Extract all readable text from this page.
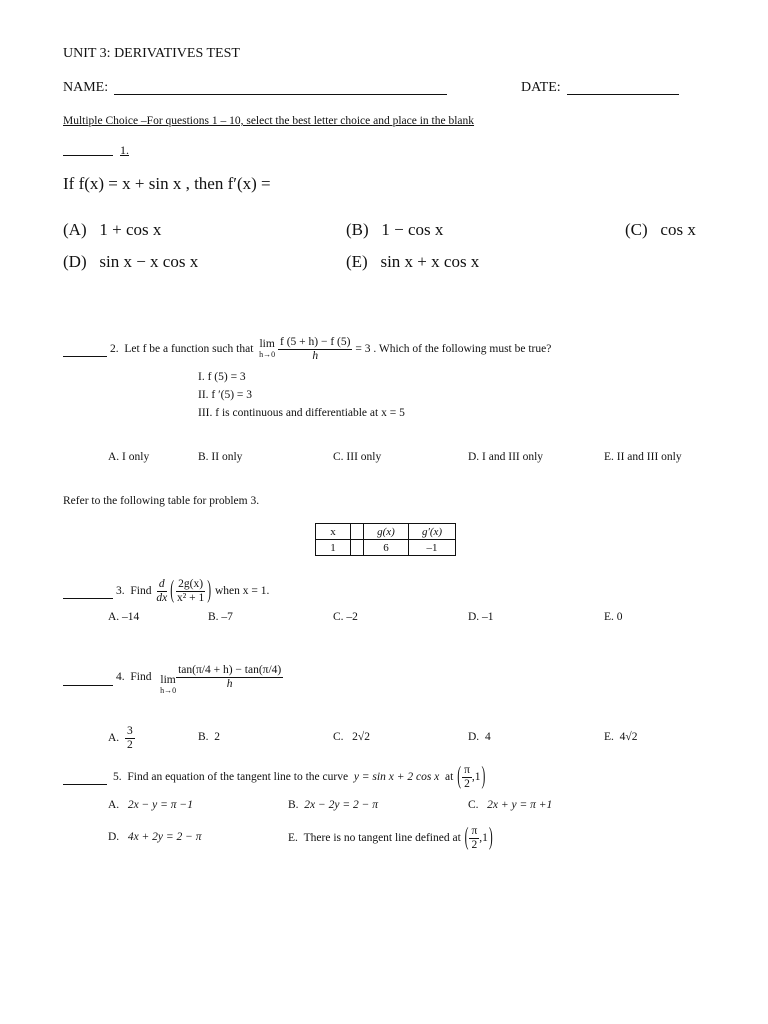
UNIT 3: DERIVATIVES TEST
NAME:	DATE:
Multiple Choice –For questions 1 – 10, select the best letter choice and place in the blank
1.
If f(x) = x + sin x , then f′(x) =
(A) 1 + cos x	(B) 1 − cos x	(C) cos x
(D) sin x − x cos x	(E) sin x + x cos x
2.
Let f be a function such that
lim
h→0
$\frac{f (5 + h) - f (5)}{h}$
= 3 . Which of the following must be true?
I. f (5) = 3
II. f ′(5) = 3
III. f is continuous and differentiable at x = 5
A. I only	B. II only	C. III only	D. I and III only	E. II and III only
Refer to the following table for problem 3.
x		g(x)	g′(x)
1		6	–1
3.
Find
$\frac{d}{dx}$ ( $\frac{2g(x)}{\text{x² + 1}}$ )
when x = 1.
A. –14	B. –7	C. –2	D. –1	E. 0
4.
Find
lim
h→0
$\frac{\tan(\pi/4 + h) - \tan(\pi/4)}{h}$
A.
$\frac{3}{2}$	B. 2	C. 2√2	D. 4	E. 4√2
5.
Find an equation of the tangent line to the curve
y = sin x + 2 cos x
at
( $\frac{\pi}{2} ,1$ )
A. 2x − y = π −1	B. 2x − 2y = 2 − π	C. 2x + y = π +1
D. 4x + 2y = 2 − π	E.
There is no tangent line defined at
( $\frac{\pi}{2} ,1$ )
